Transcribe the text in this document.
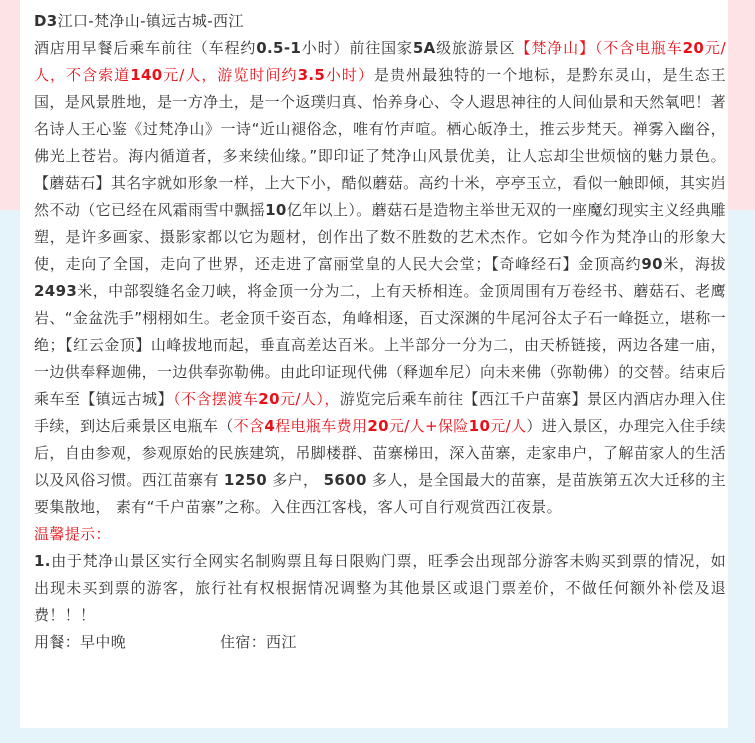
D3江口-梵净山-镇远古城-西江

酒店用早餐后乘车前往（车程约0.5-1小时）前往国家5A级旅游景区【梵净山】（不含电瓶车20元/人，不含索道140元/人，游览时间约3.5小时）是贵州最独特的一个地标，是黔东灵山，是生态王国，是风景胜地，是一方净土，是一个返璞归真、怡养身心、令人遐思神往的人间仙景和天然氧吧！著名诗人王心鉴《过梵净山》一诗“近山褪俗念，唯有竹声喧。栖心皈净土，推云步梵天。禅雾入幽谷，佛光上苍岩。海内循道者，多来续仙缘。”即印证了梵净山风景优美，让人忘却尘世烦恼的魅力景色。【蘑菇石】其名字就如形象一样，上大下小，酷似蘑菇。高约十米，亭亭玉立，看似一触即倾，其实岿然不动（它已经在风霜雨雪中飘摇10亿年以上）。蘑菇石是造物主举世无双的一座魔幻现实主义经典雕塑，是许多画家、摄影家都以它为题材，创作出了数不胜数的艺术杰作。它如今作为梵净山的形象大使，走向了全国，走向了世界，还走进了富丽堂皇的人民大会堂；【奇峰经石】金顶高约90米，海拔2493米，中部裂缝名金刀峡，将金顶一分为二，上有天桥相连。金顶周围有万卷经书、蘑菇石、老鹰岩、“金盆洗手”栩栩如生。老金顶千姿百态，角峰相逐，百丈深渊的牛尾河谷太子石一峰挺立，堪称一绝；【红云金顶】山峰拔地而起，垂直高差达百米。上半部分一分为二，由天桥链接，两边各建一庙，一边供奉释迦佛，一边供奉弥勒佛。由此印证现代佛（释迦牟尼）向未来佛（弥勒佛）的交替。结束后乘车至【镇远古城】（不含摆渡车20元/人），游览完后乘车前往【西江千户苗寨】景区内酒店办理入住手续，到达后乘景区电瓶车（不含4程电瓶车费用20元/人+保险10元/人）进入景区，办理完入住手续后，自由参观，参观原始的民族建筑，吊脚楼群、苗寨梯田，深入苗寨，走家串户，了解苗家人的生活以及风俗习惯。西江苗寨有 1250 多户， 5600 多人，是全国最大的苗寨，是苗族第五次大迁移的主要集散地， 素有“千户苗寨”之称。入住西江客栈，客人可自行观赏西江夜景。

温馨提示：

1.由于梵净山景区实行全网实名制购票且每日限购门票，旺季会出现部分游客未购买到票的情况，如出现未买到票的游客，旅行社有权根据情况调整为其他景区或退门票差价，不做任何额外补偿及退费！！！

用餐：早中晚	住宿：西江
